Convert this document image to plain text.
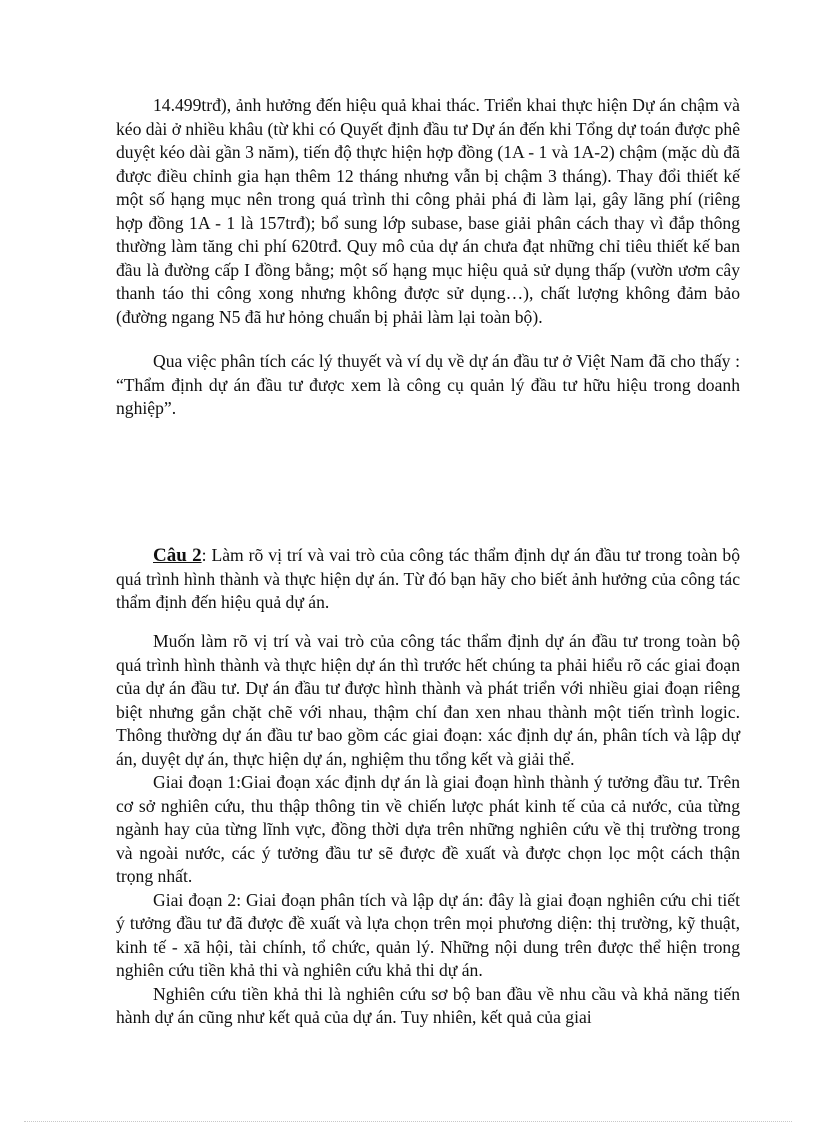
14.499trđ), ảnh hưởng đến hiệu quả khai thác. Triển khai thực hiện Dự án chậm và kéo dài ở nhiều khâu (từ khi có Quyết định đầu tư Dự án đến khi Tổng dự toán được phê duyệt kéo dài gần 3 năm), tiến độ thực hiện hợp đồng (1A - 1 và 1A-2) chậm (mặc dù đã được điều chỉnh gia hạn thêm 12 tháng nhưng vẫn bị chậm 3 tháng). Thay đổi thiết kế một số hạng mục nên trong quá trình thi công phải phá đi làm lại, gây lãng phí (riêng hợp đồng 1A - 1 là 157trđ); bổ sung lớp subase, base giải phân cách thay vì đắp thông thường làm tăng chi phí 620trđ. Quy mô của dự án chưa đạt những chỉ tiêu thiết kế ban đầu là đường cấp I đồng bằng; một số hạng mục hiệu quả sử dụng thấp (vườn ươm cây thanh táo thi công xong nhưng không được sử dụng…), chất lượng không đảm bảo (đường ngang N5 đã hư hỏng chuẩn bị phải làm lại toàn bộ).

Qua việc phân tích các lý thuyết và ví dụ về dự án đầu tư ở Việt Nam đã cho thấy : “Thẩm định dự án đầu tư được xem là công cụ quản lý đầu tư hữu hiệu trong doanh nghiệp”.

Câu 2: Làm rõ vị trí và vai trò của công tác thẩm định dự án đầu tư trong toàn bộ quá trình hình thành và thực hiện dự án. Từ đó bạn hãy cho biết ảnh hưởng của công tác thẩm định đến hiệu quả dự án.

Muốn làm rõ vị trí và vai trò của công tác thẩm định dự án đầu tư trong toàn bộ quá trình hình thành và thực hiện dự án thì trước hết chúng ta phải hiểu rõ các giai đoạn của dự án đầu tư. Dự án đầu tư được hình thành và phát triển với nhiều giai đoạn riêng biệt nhưng gắn chặt chẽ với nhau, thậm chí đan xen nhau thành một tiến trình logic. Thông thường dự án đầu tư bao gồm các giai đoạn: xác định dự án, phân tích và lập dự án, duyệt dự án, thực hiện dự án, nghiệm thu tổng kết và giải thể.

Giai đoạn 1:Giai đoạn xác định dự án là giai đoạn hình thành ý tưởng đầu tư. Trên cơ sở nghiên cứu, thu thập thông tin về chiến lược phát kinh tế của cả nước, của từng ngành hay của từng lĩnh vực, đồng thời dựa trên những nghiên cứu về thị trường trong và ngoài nước, các ý tưởng đầu tư sẽ được đề xuất và được chọn lọc một cách thận trọng nhất.

Giai đoạn 2: Giai đoạn phân tích và lập dự án: đây là giai đoạn nghiên cứu chi tiết ý tưởng đầu tư đã được đề xuất và lựa chọn trên mọi phương diện: thị trường, kỹ thuật, kinh tế - xã hội, tài chính, tổ chức, quản lý. Những nội dung trên được thể hiện trong nghiên cứu tiền khả thi và nghiên cứu khả thi dự án.

Nghiên cứu tiền khả thi là nghiên cứu sơ bộ ban đầu về nhu cầu và khả năng tiến hành dự án cũng như kết quả của dự án. Tuy nhiên, kết quả của giai
